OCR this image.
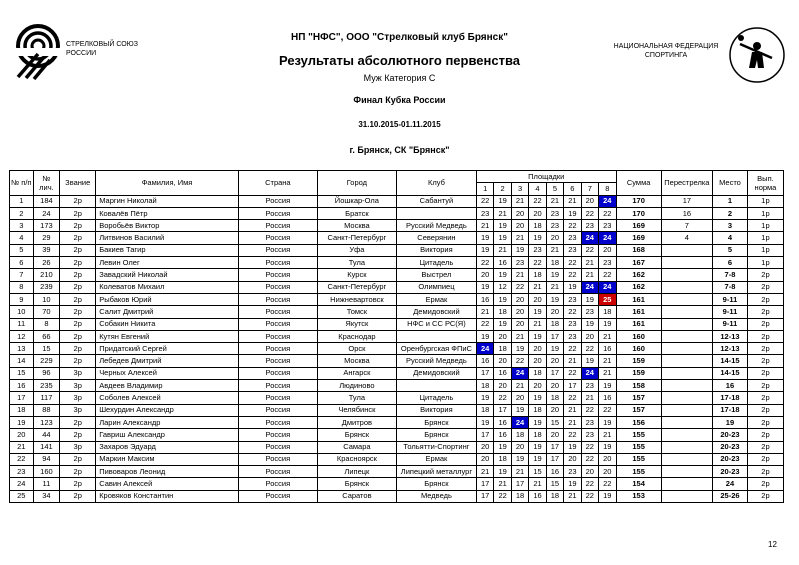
СТРЕЛКОВЫЙ СОЮЗ
РОССИИ
НАЦИОНАЛЬНАЯ ФЕДЕРАЦИЯ
СПОРТИНГА
НП "НФС", ООО "Стрелковый клуб Брянск"
Результаты абсолютного первенства
Муж Категория С
Финал Кубка России
31.10.2015-01.11.2015
г. Брянск, СК "Брянск"
№ п/п	№ лич.	Звание	Фамилия, Имя	Страна	Город	Клуб	Площадки								Сумма	Перестрелка	Место	Вып. норма
							1	2	3	4	5	6	7	8				
1	184	2р	Маргин Николай	Россия	Йошкар-Ола	Сабантуй	22	19	21	22	21	21	20	24	170	17	1	1р
2	24	2р	Ковалёв Пётр	Россия	Братск		23	21	20	20	23	19	22	22	170	16	2	1р
3	173	2р	Воробьёв Виктор	Россия	Москва	Русский Медведь	21	19	20	18	23	22	23	23	169	7	3	1р
4	29	2р	Литвинов Василий	Россия	Санкт-Петербург	Северянин	19	19	21	19	20	23	24	24	169	4	4	1р
5	39	2р	Бакиев Тагир	Россия	Уфа	Виктория	19	21	19	23	21	23	22	20	168		5	1р
6	26	2р	Левин Олег	Россия	Тула	Цитадель	22	16	23	22	18	22	21	23	167		6	1р
7	210	2р	Завадский Николай	Россия	Курск	Выстрел	20	19	21	18	19	22	21	22	162		7-8	2р
8	239	2р	Колеватов Михаил	Россия	Санкт-Петербург	Олимпиец	19	12	22	21	21	19	24	24	162		7-8	2р
9	10	2р	Рыбаков Юрий	Россия	Нижневартовск	Ермак	16	19	20	20	19	23	19	25	161		9-11	2р
10	70	2р	Салит Дмитрий	Россия	Томск	Демидовский	21	18	20	19	20	22	23	18	161		9-11	2р
11	8	2р	Собакин Никита	Россия	Якутск	НФС и СС РС(Я)	22	19	20	21	18	23	19	19	161		9-11	2р
12	66	2р	Кутян Евгений	Россия	Краснодар		19	20	21	19	17	23	20	21	160		12-13	2р
13	15	2р	Придатский Сергей	Россия	Орск	Оренбургская ФПиС	24	18	19	20	19	22	22	16	160		12-13	2р
14	229	2р	Лебедев Дмитрий	Россия	Москва	Русский Медведь	16	20	22	20	20	21	19	21	159		14-15	2р
15	96	3р	Черных Алексей	Россия	Ангарск	Демидовский	17	16	24	18	17	22	24	21	159		14-15	2р
16	235	3р	Авдеев Владимир	Россия	Людиново		18	20	21	20	20	17	23	19	158		16	2р
17	117	3р	Соболев Алексей	Россия	Тула	Цитадель	19	22	20	19	18	22	21	16	157		17-18	2р
18	88	3р	Шехурдин Александр	Россия	Челябинск	Виктория	18	17	19	18	20	21	22	22	157		17-18	2р
19	123	2р	Ларин Александр	Россия	Дмитров	Брянск	19	16	24	19	15	21	23	19	156		19	2р
20	44	2р	Гавриш Александр	Россия	Брянск	Брянск	17	16	18	18	20	22	23	21	155		20-23	2р
21	141	3р	Захаров Эдуард	Россия	Самара	Тольятти-Спортинг	20	19	20	19	17	19	22	19	155		20-23	2р
22	94	2р	Маркин Максим	Россия	Красноярск	Ермак	20	18	19	19	17	20	22	20	155		20-23	2р
23	160	2р	Пивоваров Леонид	Россия	Липецк	Липецкий металлург	21	19	21	15	16	23	20	20	155		20-23	2р
24	11	2р	Савин Алексей	Россия	Брянск	Брянск	17	21	17	21	15	19	22	22	154		24	2р
25	34	2р	Кровяков Константин	Россия	Саратов	Медведь	17	22	18	16	18	21	22	19	153		25-26	2р
12
